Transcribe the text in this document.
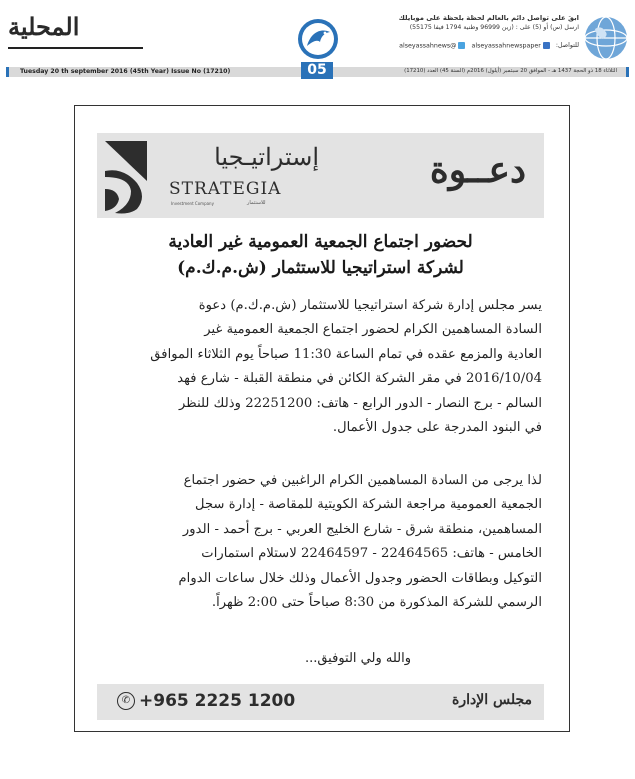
المحلية	ابقَ على تواصل دائم بالعالم لحظة بلحظة على موبايلك
ارسل (س) أو (5) على : (زين 96999 وطنية 1794 فيفا 55175)
للتواصل:
alseyassahnewspaper
@alseyassahnews
Tuesday 20 th september 2016 (45th Year) Issue No (17210)	الثلاثاء 18 ذو الحجة 1437 هـ - الموافق 20 سبتمبر (أيلول) 2016م (السنة 45) العدد (17210)
05
إستراتيـجيا
STRATEGIA
Investment Company	للاستثمار
دعــوة
لحضور اجتماع الجمعية العمومية غير العادية
لشركة استراتيجيا للاستثمار (ش.م.ك.م)
يسر مجلس إدارة شركة استراتيجيا للاستثمار (ش.م.ك.م) دعوة
السادة المساهمين الكرام لحضور اجتماع الجمعية العمومية غير
العادية والمزمع عقده في تمام الساعة 11:30 صباحاً يوم الثلاثاء الموافق
2016/10/04 في مقر الشركة الكائن في منطقة القبلة - شارع فهد
السالم - برج النصار - الدور الرابع - هاتف: 22251200 وذلك للنظر
في البنود المدرجة على جدول الأعمال.
لذا يرجى من السادة المساهمين الكرام الراغبين في حضور اجتماع
الجمعية العمومية مراجعة الشركة الكويتية للمقاصة - إدارة سجل
المساهمين، منطقة شرق - شارع الخليج العربي - برج أحمد - الدور
الخامس - هاتف: 22464565 - 22464597 لاستلام استمارات
التوكيل وبطاقات الحضور وجدول الأعمال وذلك خلال ساعات الدوام
الرسمي للشركة المذكورة من 8:30 صباحاً حتى 2:00 ظهراً.
والله ولي التوفيق...
✆ +965 2225 1200	مجلس الإدارة
